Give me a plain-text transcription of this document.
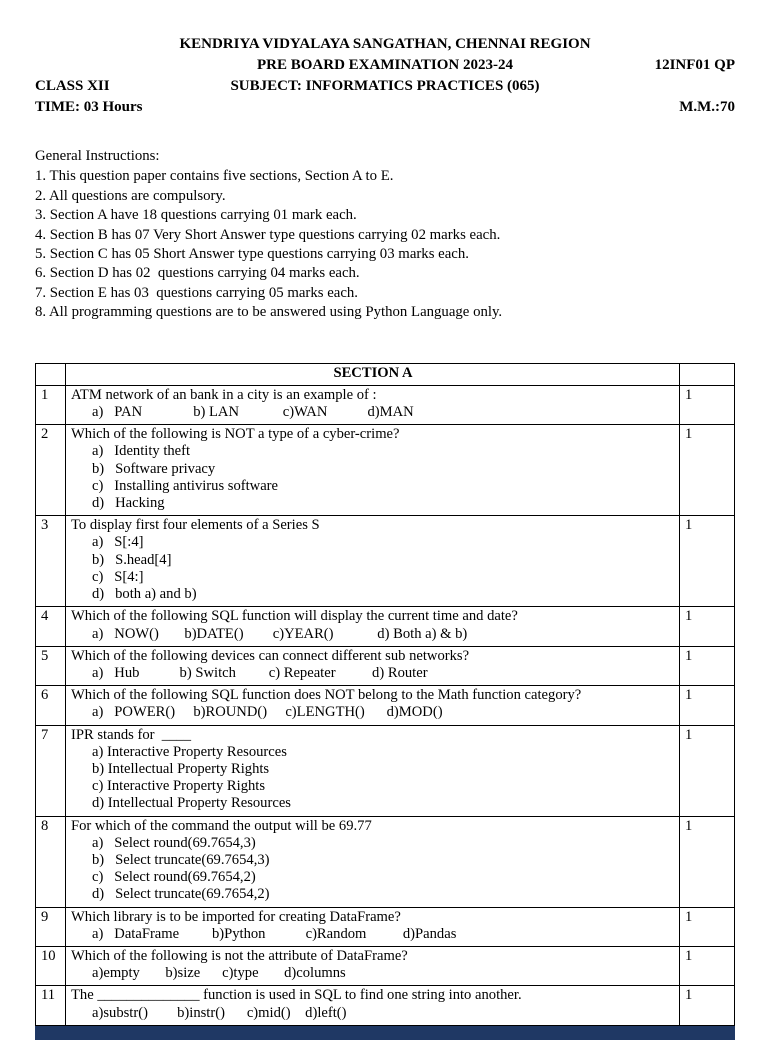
KENDRIYA VIDYALAYA SANGATHAN, CHENNAI REGION
PRE BOARD EXAMINATION 2023-24	12INF01 QP
CLASS XII	SUBJECT: INFORMATICS PRACTICES (065)
TIME: 03 Hours	M.M.:70
General Instructions:
1. This question paper contains five sections, Section A to E.
2. All questions are compulsory.
3. Section A have 18 questions carrying 01 mark each.
4. Section B has 07 Very Short Answer type questions carrying 02 marks each.
5. Section C has 05 Short Answer type questions carrying 03 marks each.
6. Section D has 02  questions carrying 04 marks each.
7. Section E has 03  questions carrying 05 marks each.
8. All programming questions are to be answered using Python Language only.
	SECTION A	
1	ATM network of an bank in a city is an example of :
a)   PAN              b) LAN            c)WAN           d)MAN	1
2	Which of the following is NOT a type of a cyber-crime?
a)   Identity theft
b)   Software privacy
c)   Installing antivirus software
d)   Hacking	1
3	To display first four elements of a Series S
a)   S[:4]
b)   S.head[4]
c)   S[4:]
d)   both a) and b)	1
4	Which of the following SQL function will display the current time and date?
a)   NOW()       b)DATE()        c)YEAR()            d) Both a) & b)	1
5	Which of the following devices can connect different sub networks?
a)   Hub           b) Switch         c) Repeater          d) Router	1
6	Which of the following SQL function does NOT belong to the Math function category?
a)   POWER()     b)ROUND()     c)LENGTH()      d)MOD()	1
7	IPR stands for  ____
a) Interactive Property Resources
b) Intellectual Property Rights
c) Interactive Property Rights
d) Intellectual Property Resources	1
8	For which of the command the output will be 69.77
a)   Select round(69.7654,3)
b)   Select truncate(69.7654,3)
c)   Select round(69.7654,2)
d)   Select truncate(69.7654,2)	1
9	Which library is to be imported for creating DataFrame?
a)   DataFrame         b)Python           c)Random          d)Pandas	1
10	Which of the following is not the attribute of DataFrame?
a)empty       b)size      c)type       d)columns	1
11	The ______________ function is used in SQL to find one string into another.
a)substr()        b)instr()      c)mid()    d)left()	1
